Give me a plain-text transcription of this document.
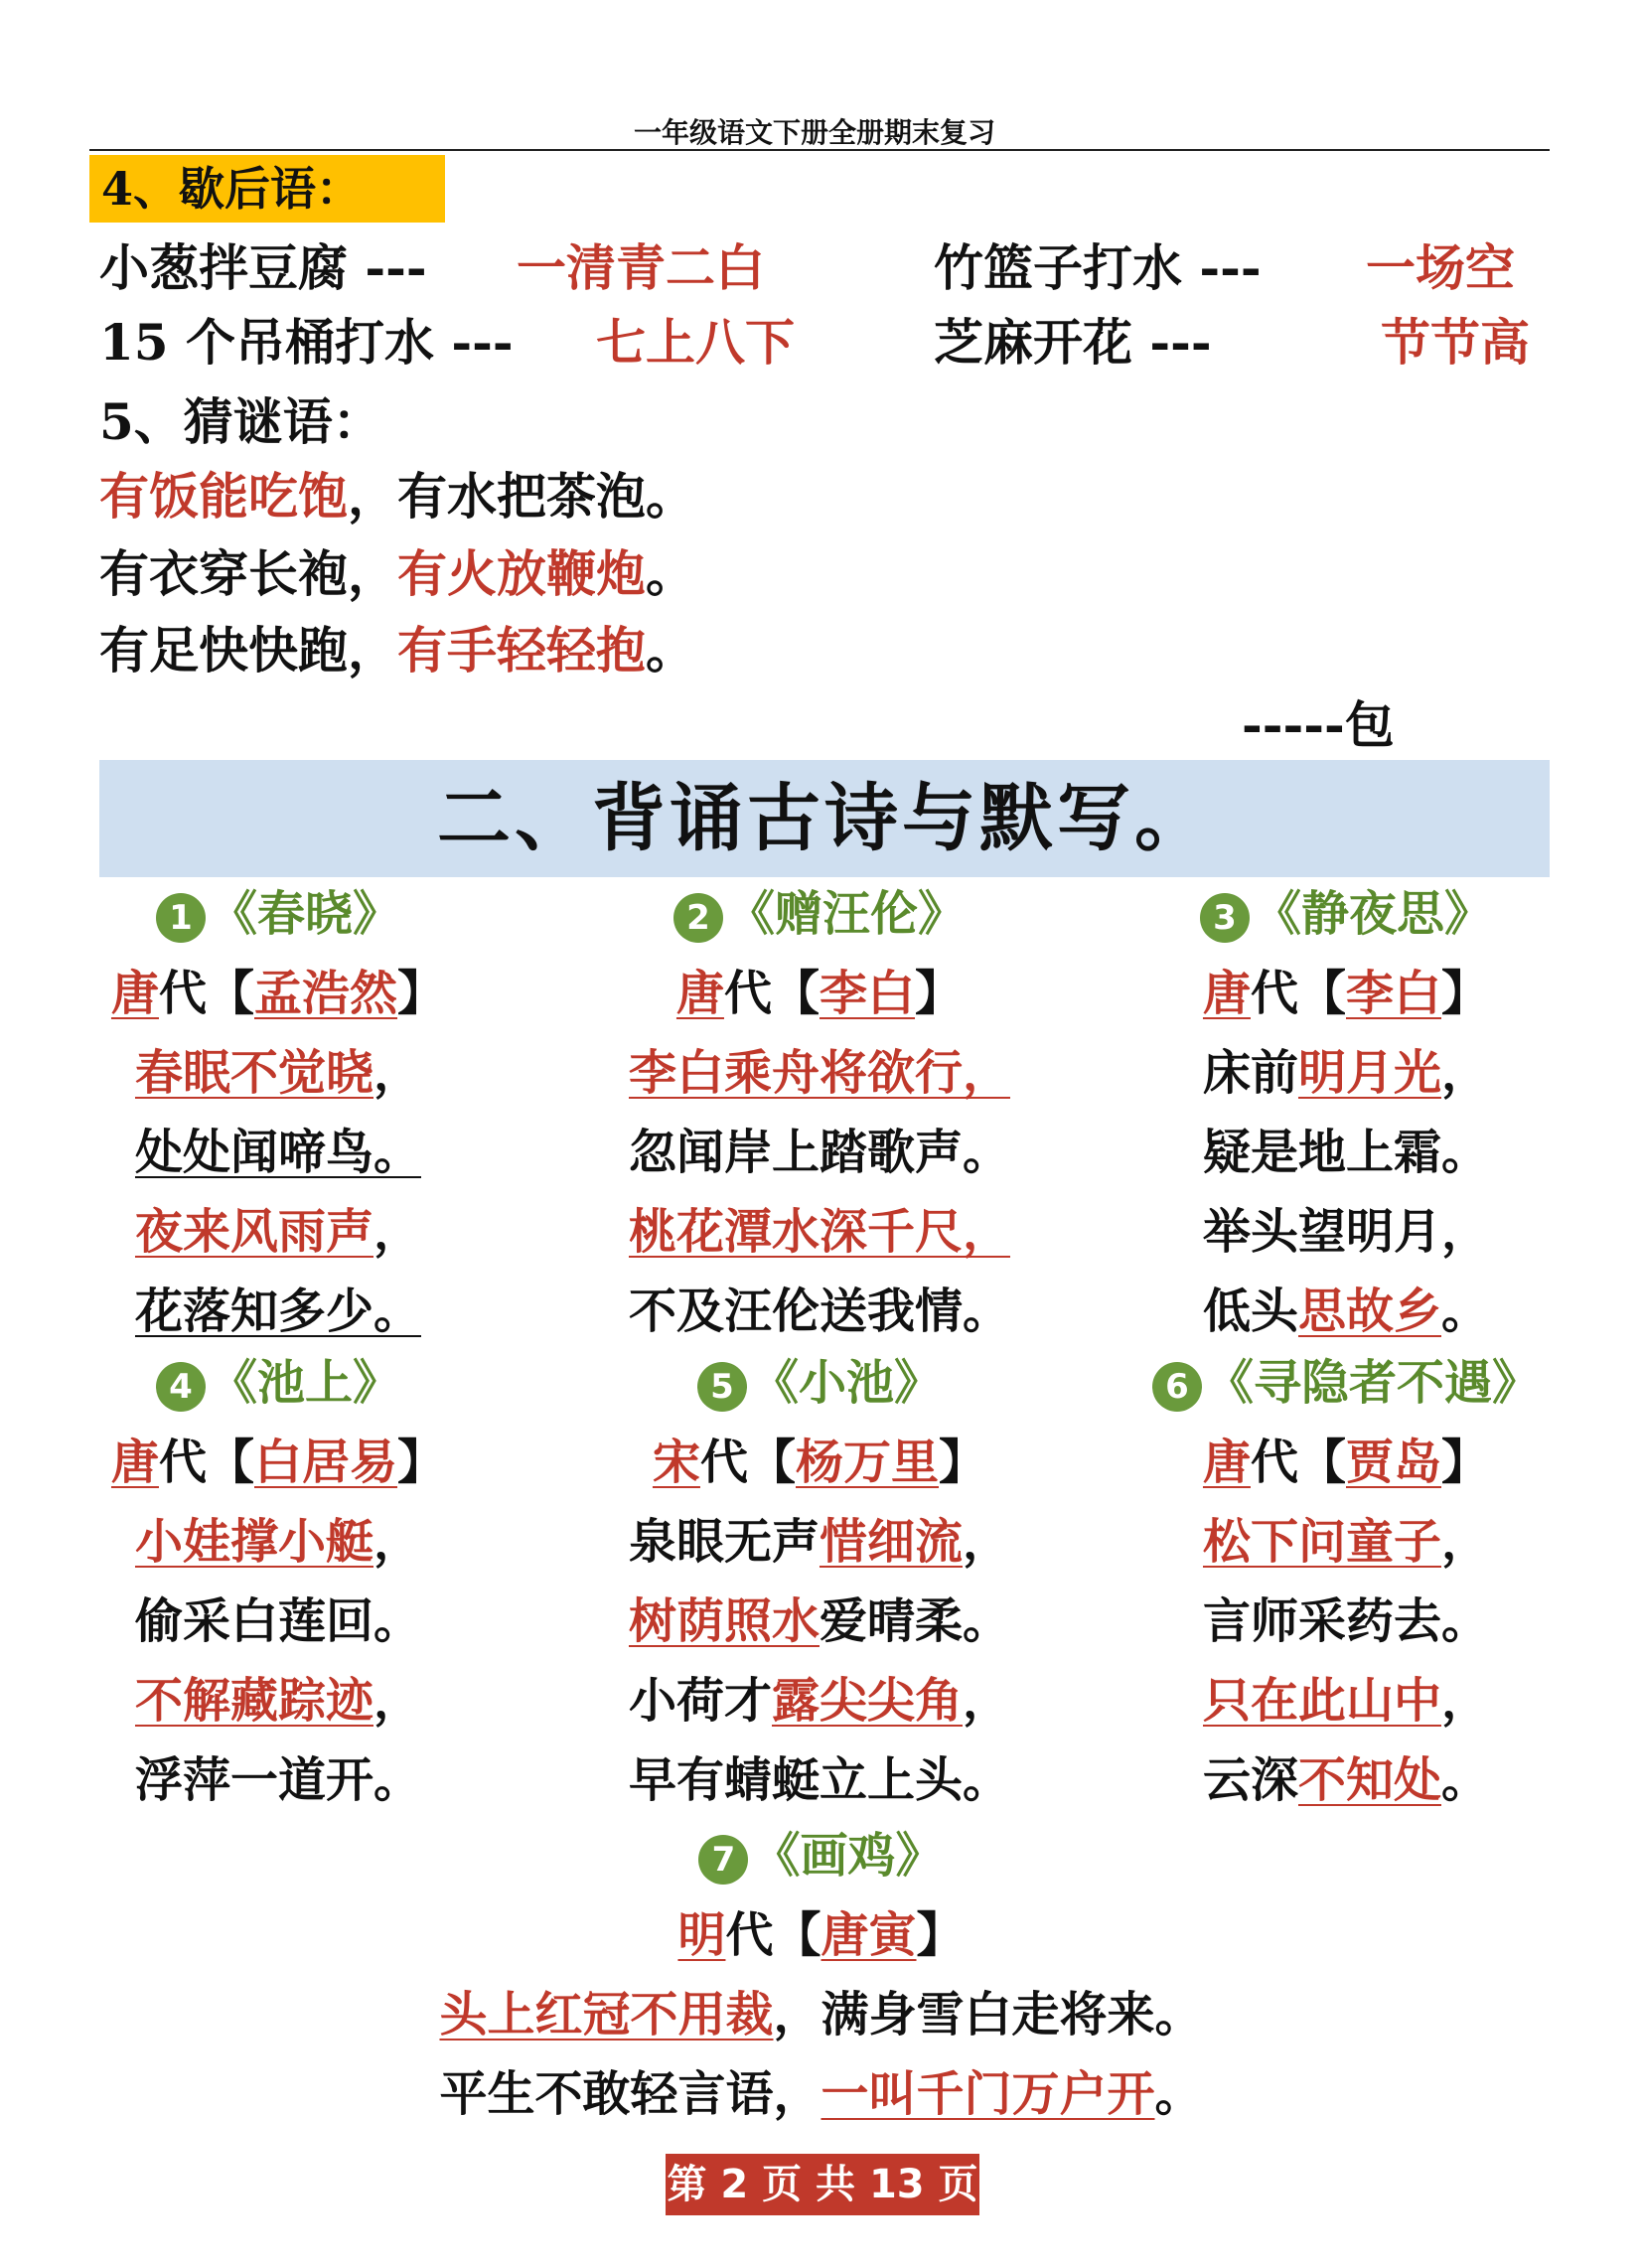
一年级语文下册全册期末复习
4、歇后语：
小葱拌豆腐 --- 一清青二白	竹篮子打水 --- 一场空
15 个吊桶打水 --- 七上八下	芝麻开花 ---	节节高
5、猜谜语：
有饭能吃饱，有水把茶泡。
有衣穿长袍，有火放鞭炮。
有足快快跑，有手轻轻抱。
-----包
二、背诵古诗与默写。
1 《春晓》
唐代【孟浩然】
春眠不觉晓，
处处闻啼鸟。
夜来风雨声，
花落知多少。
2 《赠汪伦》
唐代【李白】
李白乘舟将欲行，
忽闻岸上踏歌声。
桃花潭水深千尺，
不及汪伦送我情。
3 《静夜思》
唐代【李白】
床前明月光，
疑是地上霜。
举头望明月，
低头思故乡。
4 《池上》
唐代【白居易】
小娃撑小艇，
偷采白莲回。
不解藏踪迹，
浮萍一道开。
5 《小池》
宋代【杨万里】
泉眼无声惜细流，
树荫照水爱晴柔。
小荷才露尖尖角，
早有蜻蜓立上头。
6 《寻隐者不遇》
唐代【贾岛】
松下问童子，
言师采药去。
只在此山中，
云深不知处。
7 《画鸡》
明代【唐寅】
头上红冠不用裁，满身雪白走将来。
平生不敢轻言语，一叫千门万户开。
第 2 页 共 13 页
